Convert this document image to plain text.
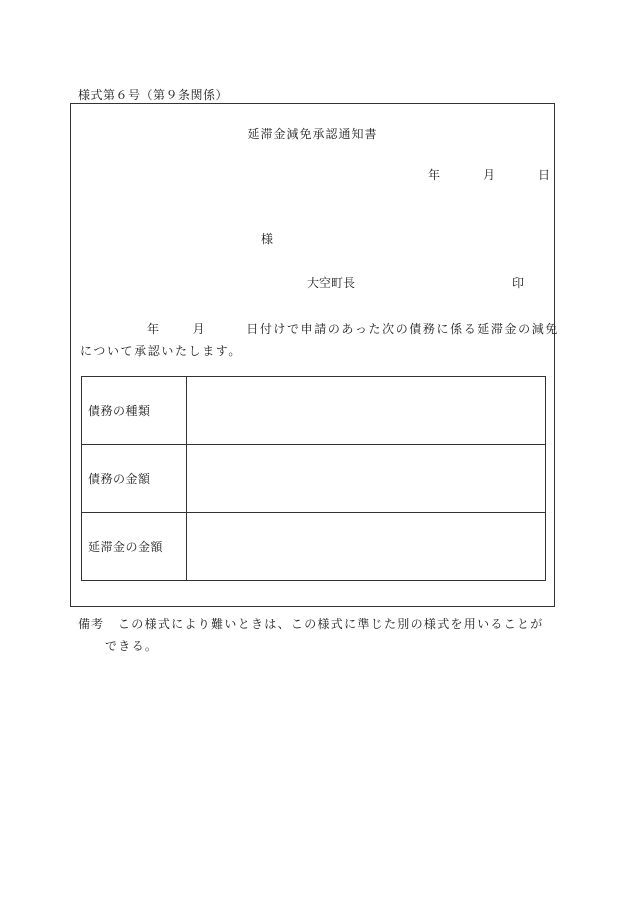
様式第６号（第９条関係）
延滞金減免承認通知書
年	月	日
様
大空町長	印
年	月	日付けで申請のあった次の債務に係る延滞金の減免
について承認いたします。
債務の種類	
債務の金額	
延滞金の金額	
備考 この様式により難いときは、この様式に準じた別の様式を用いることが
できる。
